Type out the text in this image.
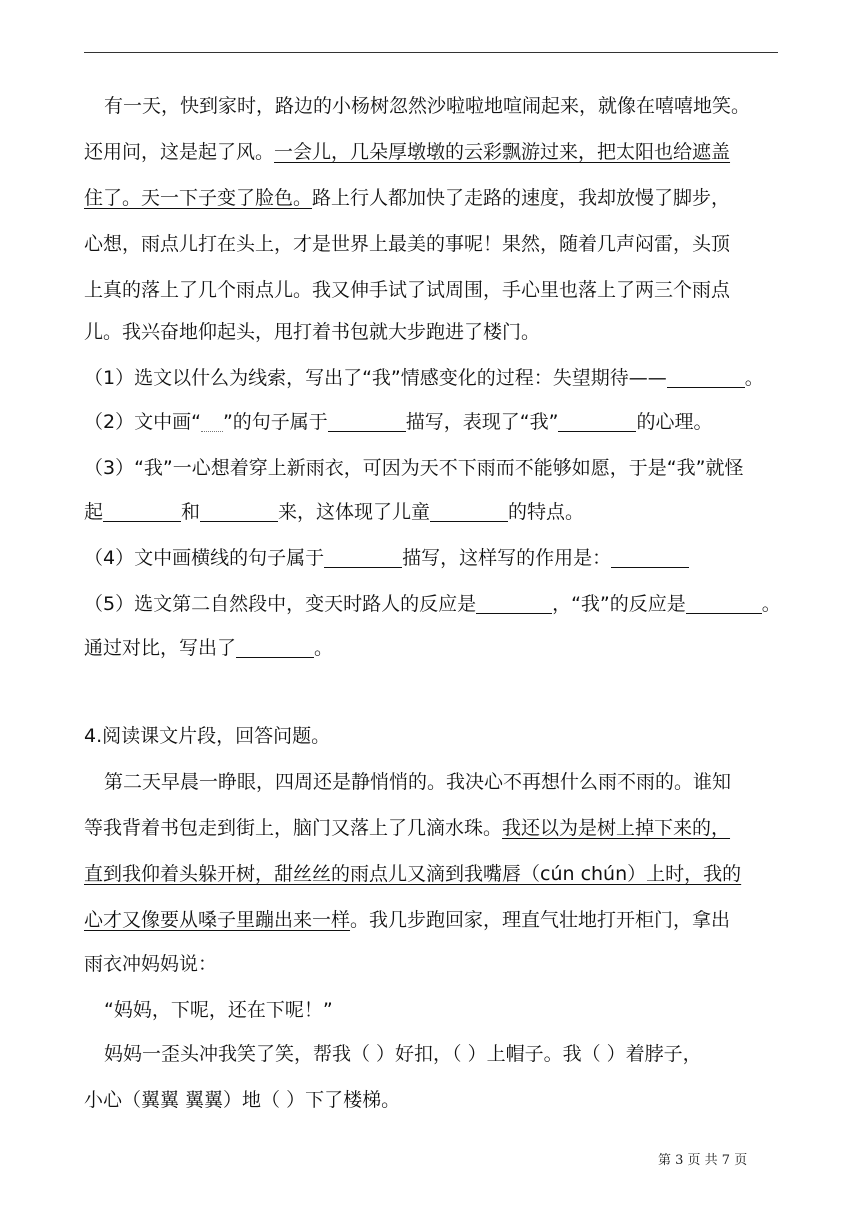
有一天，快到家时，路边的小杨树忽然沙啦啦地喧闹起来，就像在嘻嘻地笑。
还用问，这是起了风。一会儿，几朵厚墩墩的云彩飘游过来，把太阳也给遮盖
住了。天一下子变了脸色。路上行人都加快了走路的速度，我却放慢了脚步，
心想，雨点儿打在头上，才是世界上最美的事呢！果然，随着几声闷雷，头顶
上真的落上了几个雨点儿。我又伸手试了试周围，手心里也落上了两三个雨点
儿。我兴奋地仰起头，甩打着书包就大步跑进了楼门。
（1）选文以什么为线索，写出了“我”情感变化的过程：失望期待——	。
（2）文中画“ ”的句子属于	描写，表现了“我”	的心理。
（3）“我”一心想着穿上新雨衣，可因为天不下雨而不能够如愿，于是“我”就怪
起	和	来，这体现了儿童	的特点。
（4）文中画横线的句子属于	描写，这样写的作用是：
（5）选文第二自然段中，变天时路人的反应是	，“我”的反应是	。
通过对比，写出了	。
4.阅读课文片段，回答问题。
第二天早晨一睁眼，四周还是静悄悄的。我决心不再想什么雨不雨的。谁知
等我背着书包走到街上，脑门又落上了几滴水珠。我还以为是树上掉下来的，
直到我仰着头躲开树，甜丝丝的雨点儿又滴到我嘴唇（cún chún）上时，我的
心才又像要从嗓子里蹦出来一样。我几步跑回家，理直气壮地打开柜门，拿出
雨衣冲妈妈说：
“妈妈，下呢，还在下呢！”
妈妈一歪头冲我笑了笑，帮我（ ）好扣，（ ）上帽子。我（ ）着脖子，
小心（翼翼 翼翼）地（ ）下了楼梯。
第 3 页 共 7 页
